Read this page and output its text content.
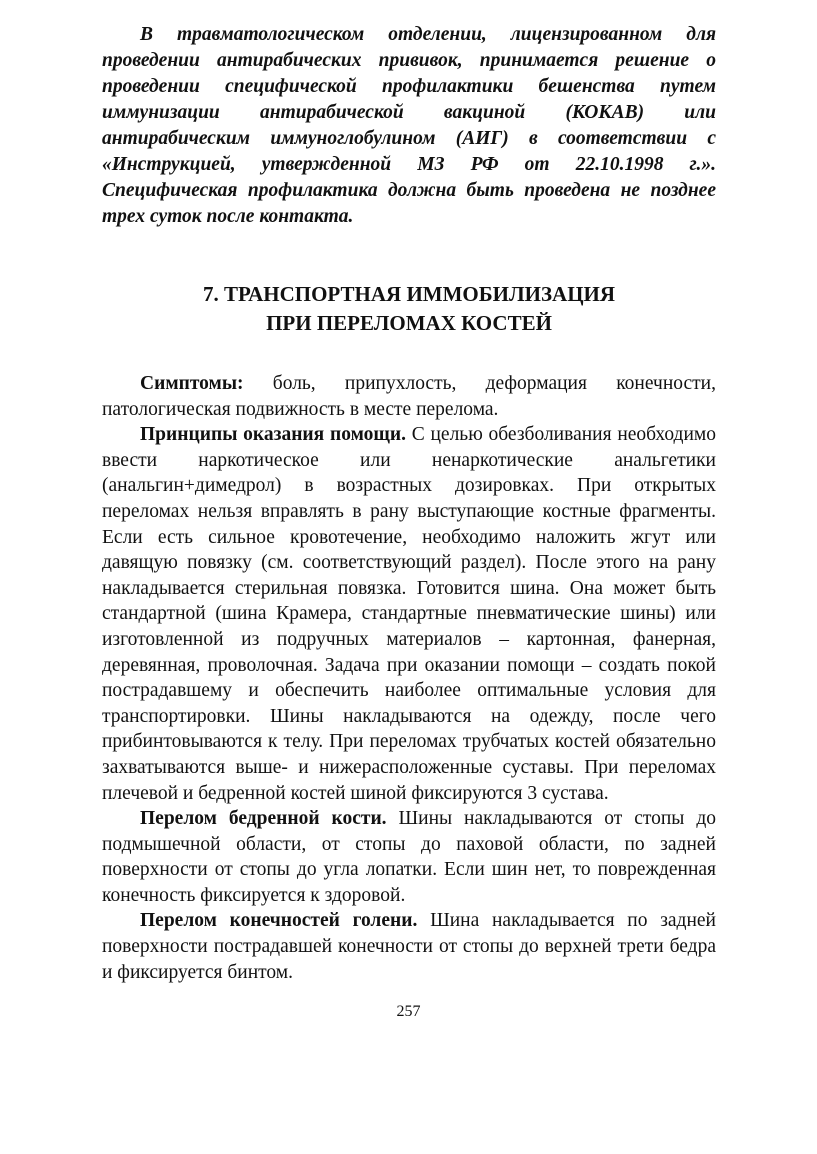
В травматологическом отделении, лицензированном для проведении антирабических прививок, принимается решение о проведении специфической профилактики бешенства путем иммунизации антирабической вакциной (КОКАВ) или антирабическим иммуноглобулином (АИГ) в соответствии с «Инструкцией, утвержденной МЗ РФ от 22.10.1998 г.». Специфическая профилактика должна быть проведена не позднее трех суток после контакта.

7. ТРАНСПОРТНАЯ ИММОБИЛИЗАЦИЯ
ПРИ ПЕРЕЛОМАХ КОСТЕЙ

Симптомы: боль, припухлость, деформация конечности, патологическая подвижность в месте перелома.

Принципы оказания помощи. С целью обезболивания необходимо ввести наркотическое или ненаркотические анальгетики (анальгин+димедрол) в возрастных дозировках. При открытых переломах нельзя вправлять в рану выступающие костные фрагменты. Если есть сильное кровотечение, необходимо наложить жгут или давящую повязку (см. соответствующий раздел). После этого на рану накладывается стерильная повязка. Готовится шина. Она может быть стандартной (шина Крамера, стандартные пневматические шины) или изготовленной из подручных материалов – картонная, фанерная, деревянная, проволочная. Задача при оказании помощи – создать покой пострадавшему и обеспечить наиболее оптимальные условия для транспортировки. Шины накладываются на одежду, после чего прибинтовываются к телу. При переломах трубчатых костей обязательно захватываются выше- и нижерасположенные суставы. При переломах плечевой и бедренной костей шиной фиксируются 3 сустава.

Перелом бедренной кости. Шины накладываются от стопы до подмышечной области, от стопы до паховой области, по задней поверхности от стопы до угла лопатки. Если шин нет, то поврежденная конечность фиксируется к здоровой.

Перелом конечностей голени. Шина накладывается по задней поверхности пострадавшей конечности от стопы до верхней трети бедра и фиксируется бинтом.

257
